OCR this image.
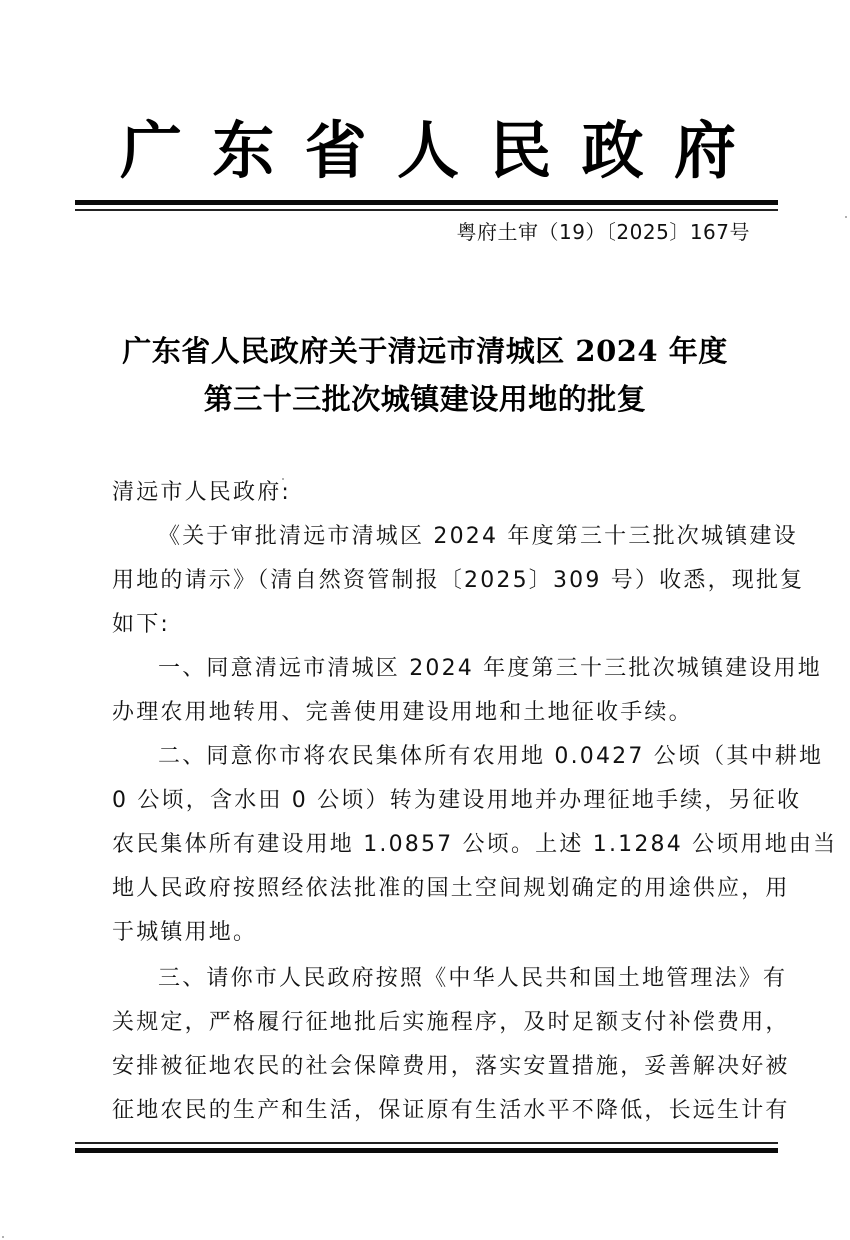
广 东 省 人 民 政 府
粤府土审（19）〔2025〕167号
广东省人民政府关于清远市清城区 2024 年度
第三十三批次城镇建设用地的批复
清远市人民政府:
《关于审批清远市清城区 2024 年度第三十三批次城镇建设
用地的请示》（清自然资管制报〔2025〕309 号）收悉，现批复
如下:
一、同意清远市清城区 2024 年度第三十三批次城镇建设用地
办理农用地转用、完善使用建设用地和土地征收手续。
二、同意你市将农民集体所有农用地 0.0427 公顷（其中耕地
0 公顷，含水田 0 公顷）转为建设用地并办理征地手续，另征收
农民集体所有建设用地 1.0857 公顷。上述 1.1284 公顷用地由当
地人民政府按照经依法批准的国土空间规划确定的用途供应，用
于城镇用地。
三、请你市人民政府按照《中华人民共和国土地管理法》有
关规定，严格履行征地批后实施程序，及时足额支付补偿费用，
安排被征地农民的社会保障费用，落实安置措施，妥善解决好被
征地农民的生产和生活，保证原有生活水平不降低，长远生计有
